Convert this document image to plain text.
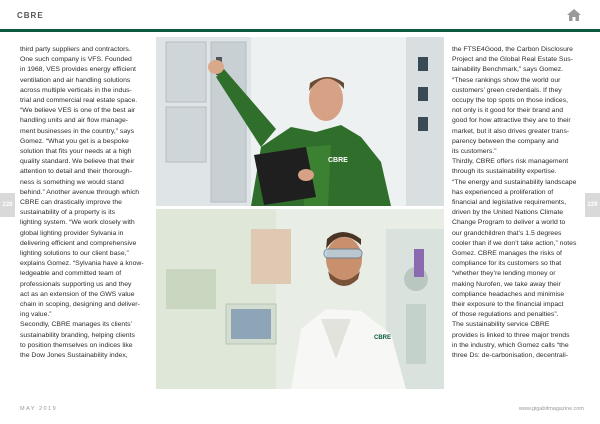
CBRE
228	229
third party suppliers and contractors.
One such company is VFS. Founded
in 1968, VES provides energy efficient
ventilation and air handling solutions
across multiple verticals in the indus-
trial and commercial real estate space.
“We believe VES is one of the best air
handling units and air flow manage-
ment businesses in the country,” says
Gomez. “What you get is a bespoke
solution that fits your needs at a high
quality standard. We believe that their
attention to detail and their thorough-
ness is something we would stand
behind.” Another avenue through which
CBRE can drastically improve the
sustainability of a property is its
lighting system. “We work closely with
global lighting provider Sylvania in
delivering efficient and comprehensive
lighting solutions to our client base,”
explains Gomez. “Sylvania have a know-
ledgeable and committed team of
professionals supporting us and they
act as an extension of the GWS value
chain in scoping, designing and deliver-
ing value.”
Secondly, CBRE manages its clients’
sustainability branding, helping clients
to position themselves on indices like
the Dow Jones Sustainability index,
CBRE
CBRE
the FTSE4Good, the Carbon Disclosure
Project and the Global Real Estate Sus-
tainability Benchmark,” says Gomez.
“These rankings show the world our
customers’ green credentials. If they
occupy the top spots on those indices,
not only is it good for their brand and
good for how attractive they are to their
market, but it also drives greater trans-
parency between the company and
its customers.”
Thirdly, CBRE offers risk management
through its sustainability expertise.
“The energy and sustainability landscape
has experienced a proliferation of
financial and legislative requirements,
driven by the United Nations Climate
Change Program to deliver a world to
our grandchildren that’s 1.5 degrees
cooler than if we don’t take action,” notes
Gomez. CBRE manages the risks of
compliance for its customers so that
“whether they’re lending money or
making Nurofen, we take away their
compliance headaches and minimise
their exposure to the financial impact
of those regulations and penalties”.
The sustainability service CBRE
provides is linked to three major trends
in the industry, which Gomez calls “the
three Ds: de-carbonisation, decentrali-
MAY 2019	www.gigabitmagazine.com
